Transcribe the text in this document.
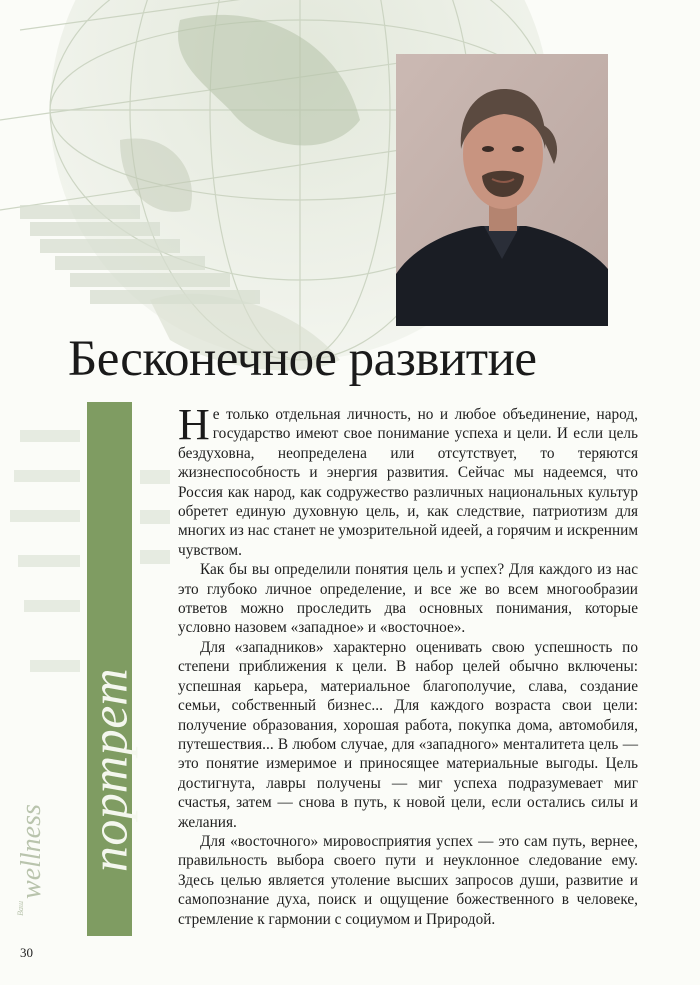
Бесконечное развитие
портрет
$^{Ваш}$wellness

Не только отдельная личность, но и любое объединение, народ, государство имеют свое понимание успеха и цели. И если цель бездуховна, неопределена или отсутствует, то теряются жизнеспособность и энергия развития. Сейчас мы надеемся, что Россия как народ, как содружество различных национальных культур обретет единую духовную цель, и, как следствие, патриотизм для многих из нас станет не умозрительной идеей, а горячим и искренним чувством.

Как бы вы определили понятия цель и успех? Для каждого из нас это глубоко личное определение, и все же во всем многообразии ответов можно проследить два основных понимания, которые условно назовем «западное» и «восточное».

Для «западников» характерно оценивать свою успешность по степени приближения к цели. В набор целей обычно включены: успешная карьера, материальное благополучие, слава, создание семьи, собственный бизнес... Для каждого возраста свои цели: получение образования, хорошая работа, покупка дома, автомобиля, путешествия... В любом случае, для «западного» менталитета цель — это понятие измеримое и приносящее материальные выгоды. Цель достигнута, лавры получены — миг успеха подразумевает миг счастья, затем — снова в путь, к новой цели, если остались силы и желания.

Для «восточного» мировосприятия успех — это сам путь, вернее, правильность выбора своего пути и неуклонное следование ему. Здесь целью является утоление высших запросов души, развитие и самопознание духа, поиск и ощущение божественного в человеке, стремление к гармонии с социумом и Природой.

30
